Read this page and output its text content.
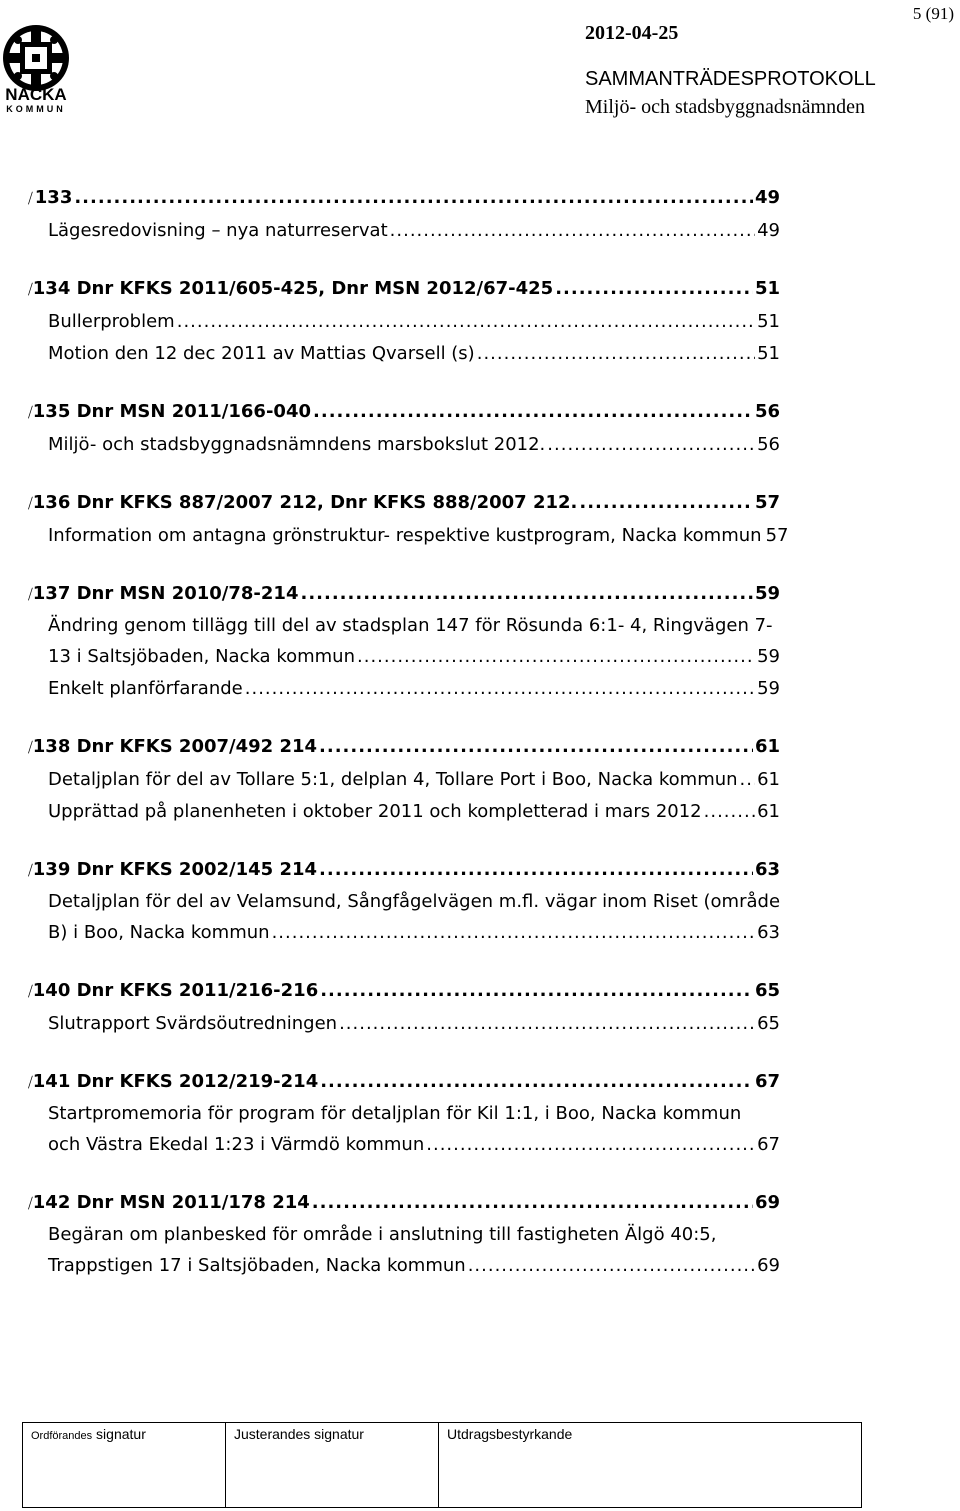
5 (91)
NACKA
KOMMUN
2012-04-25
SAMMANTRÄDESPROTOKOLL
Miljö- och stadsbyggnadsnämnden
⧸ 133 .....	49
Lägesredovisning – nya naturreservat .....	49
⧸ 134 Dnr KFKS 2011/605-425, Dnr MSN 2012/67-425 .....	51
Bullerproblem .....	51
Motion den 12 dec 2011 av Mattias Qvarsell (s) .....	51
⧸ 135 Dnr MSN 2011/166-040 .....	56
Miljö- och stadsbyggnadsnämndens marsbokslut 2012. .....	56
⧸ 136 Dnr KFKS 887/2007 212, Dnr KFKS 888/2007 212. .....	57
Information om antagna grönstruktur- respektive kustprogram, Nacka kommun 57
⧸ 137 Dnr MSN 2010/78-214 .....	59
Ändring genom tillägg till del av stadsplan 147 för Rösunda 6:1- 4, Ringvägen 7-
13 i Saltsjöbaden, Nacka kommun .....	59
Enkelt planförfarande .....	59
⧸ 138 Dnr KFKS 2007/492 214 .....	61
Detaljplan för del av Tollare 5:1, delplan 4, Tollare Port i Boo, Nacka kommun ..... 61
Upprättad på planenheten i oktober 2011 och kompletterad i mars 2012 .....	61
⧸ 139 Dnr KFKS 2002/145 214 .....	63
Detaljplan för del av Velamsund, Sångfågelvägen m.fl. vägar inom Riset (område
B) i Boo, Nacka kommun .....	63
⧸ 140 Dnr KFKS 2011/216-216 .....	65
Slutrapport Svärdsöutredningen .....	65
⧸ 141 Dnr KFKS 2012/219-214 .....	67
Startpromemoria för program för detaljplan för Kil 1:1, i Boo, Nacka kommun
och Västra Ekedal 1:23 i Värmdö kommun .....	67
⧸ 142 Dnr MSN 2011/178 214 .....	69
Begäran om planbesked för område i anslutning till fastigheten Älgö 40:5,
Trappstigen 17 i Saltsjöbaden, Nacka kommun .....	69
Ordförandes signatur	Justerandes signatur	Utdragsbestyrkande
